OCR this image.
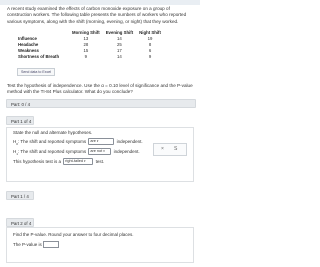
A recent study examined the effects of carbon monoxide exposure on a group of construction workers. The following table presents the numbers of workers who reported various symptoms, along with the shift (morning, evening, or night) that they worked.
	Morning Shift	Evening Shift	Night Shift
Influence	13	14	19
Headache	28	25	8
Weakness	15	17	6
Shortness of Breath	9	14	9
Send data to Excel
Test the hypothesis of independence. Use the α = 0.10 level of significance and the P-value method with the TI-84 Plus calculator. What do you conclude?
Part: 0 / 4
Part 1 of 4
State the null and alternate hypotheses.
$H_0$: The shift and reported symptoms are▾	independent.
$H_1$: The shift and reported symptoms are not▾ independent.
This hypothesis test is a right-tailed▾ test.
× S
Part 1 / 4
Part 2 of 4
Find the P-value. Round your answer to four decimal places.
The P-value is
